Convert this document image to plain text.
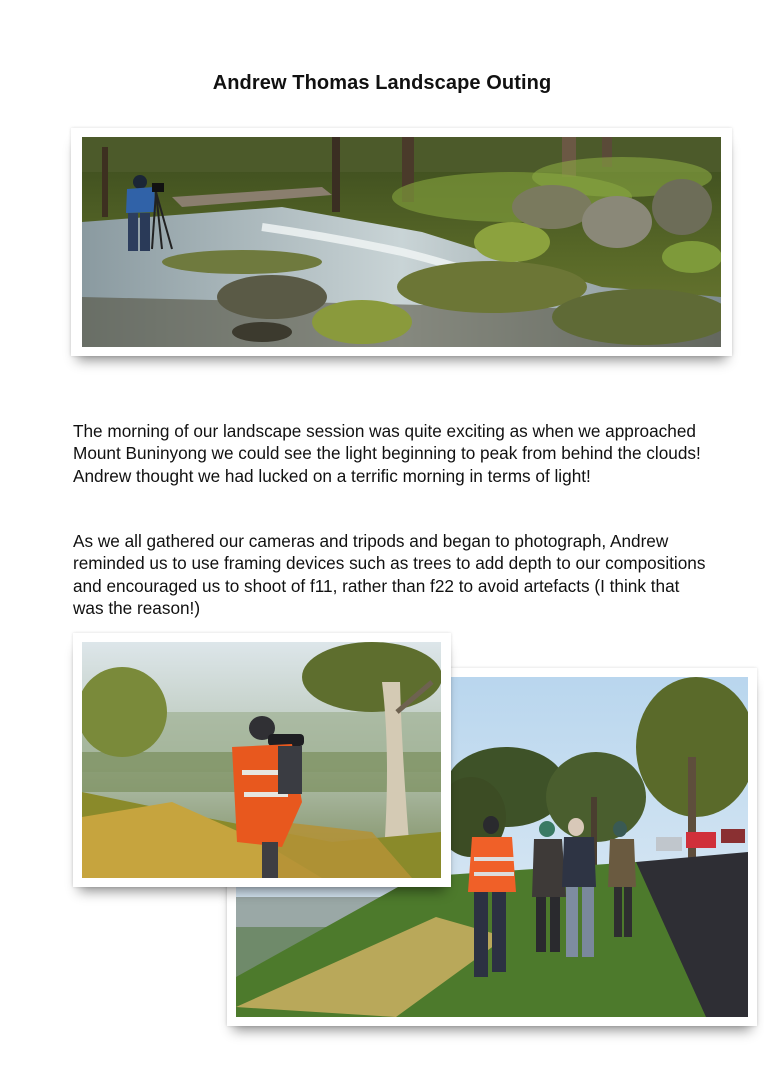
Andrew Thomas Landscape Outing

The morning of our landscape session was quite exciting as when we approached Mount Buninyong we could see the light beginning to peak from behind the clouds! Andrew thought we had lucked on a terrific morning in terms of light!

As we all gathered our cameras and tripods and began to photograph, Andrew reminded us to use framing devices such as trees to add depth to our compositions and encouraged us to shoot of f11, rather than f22 to avoid artefacts (I think that was the reason!)
